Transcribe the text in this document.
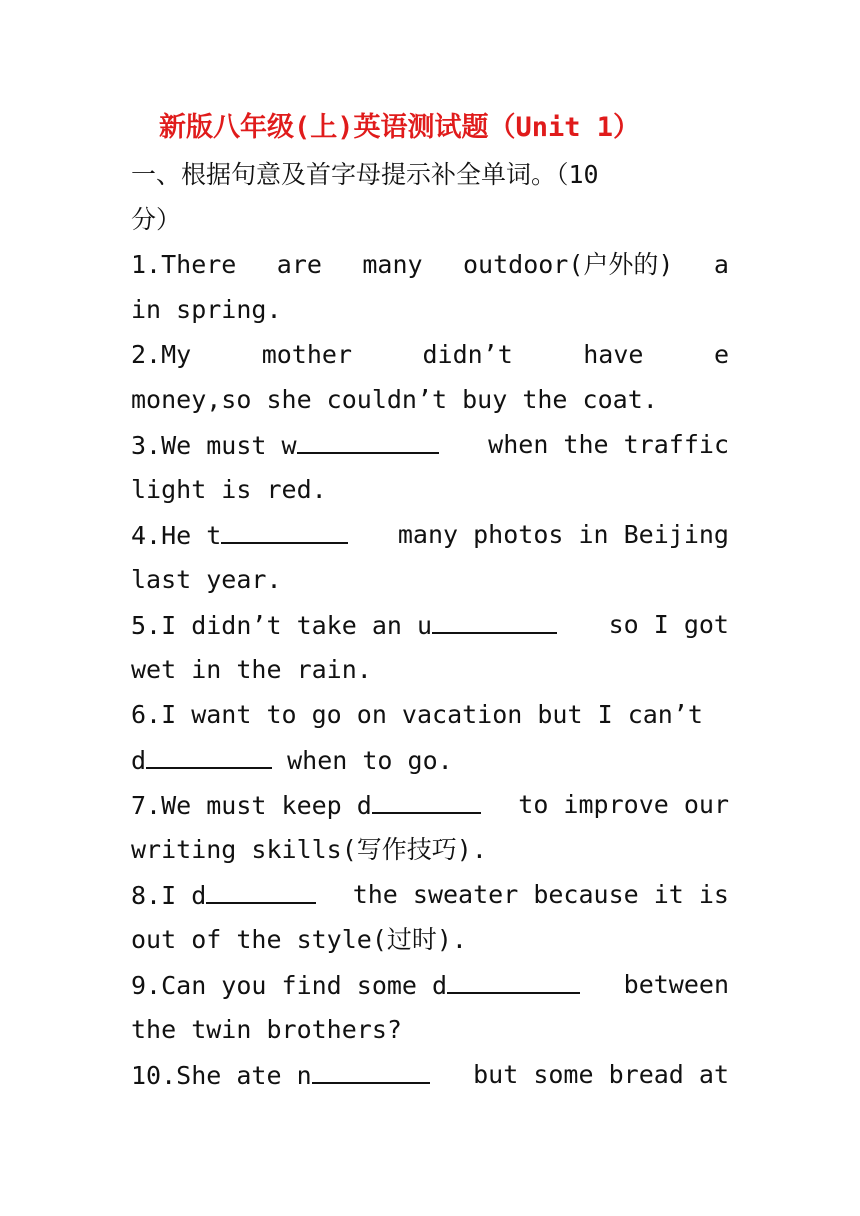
新版八年级(上)英语测试题（Unit 1）
一、根据句意及首字母提示补全单词。（10
分）
1.There are many outdoor(户外的) a
in spring.
2.My	mother	didn’t	have	e
money,so she couldn’t buy the coat.
3.We must w	when the traffic
light is red.
4.He t	many photos in Beijing
last year.
5.I didn’t take an u	so I got
wet in the rain.
6.I want to go on vacation but I can’t
d	when to go.
7.We must keep d	to improve our
writing skills(写作技巧).
8.I d	the sweater because it is
out of the style(过时).
9.Can you find some d	between
the twin brothers?
10.She ate n	but some bread at
